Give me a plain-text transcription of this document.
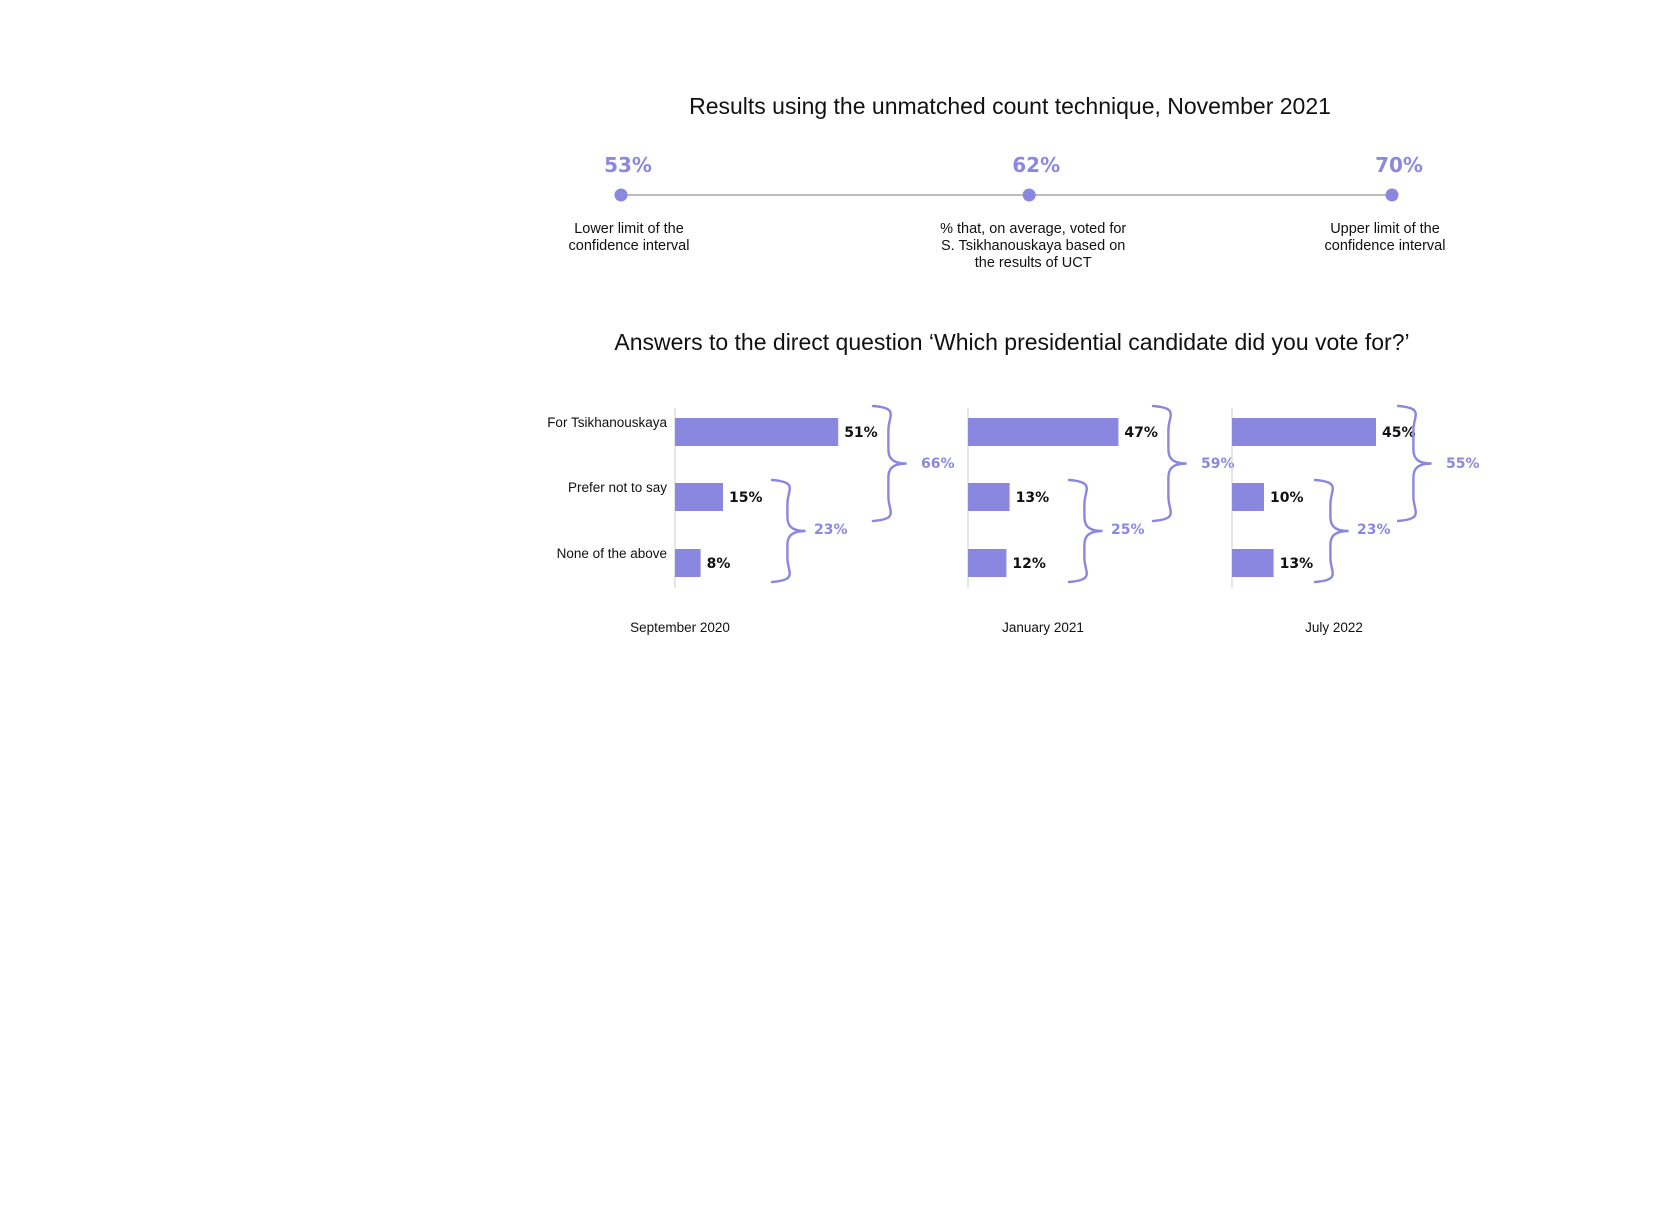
Results using the unmatched count technique, November 2021
53%
Lower limit of the
confidence interval
62%
% that, on average, voted for
S. Tsikhanouskaya based on
the results of UCT
70%
Upper limit of the
confidence interval
Answers to the direct question ‘Which presidential candidate did you vote for?’
For Tsikhanouskaya
Prefer not to say
None of the above
51%
15%
8%
66%
23%
September 2020
47%
13%
12%
59%
25%
January 2021
45%
10%
13%
55%
23%
July 2022
